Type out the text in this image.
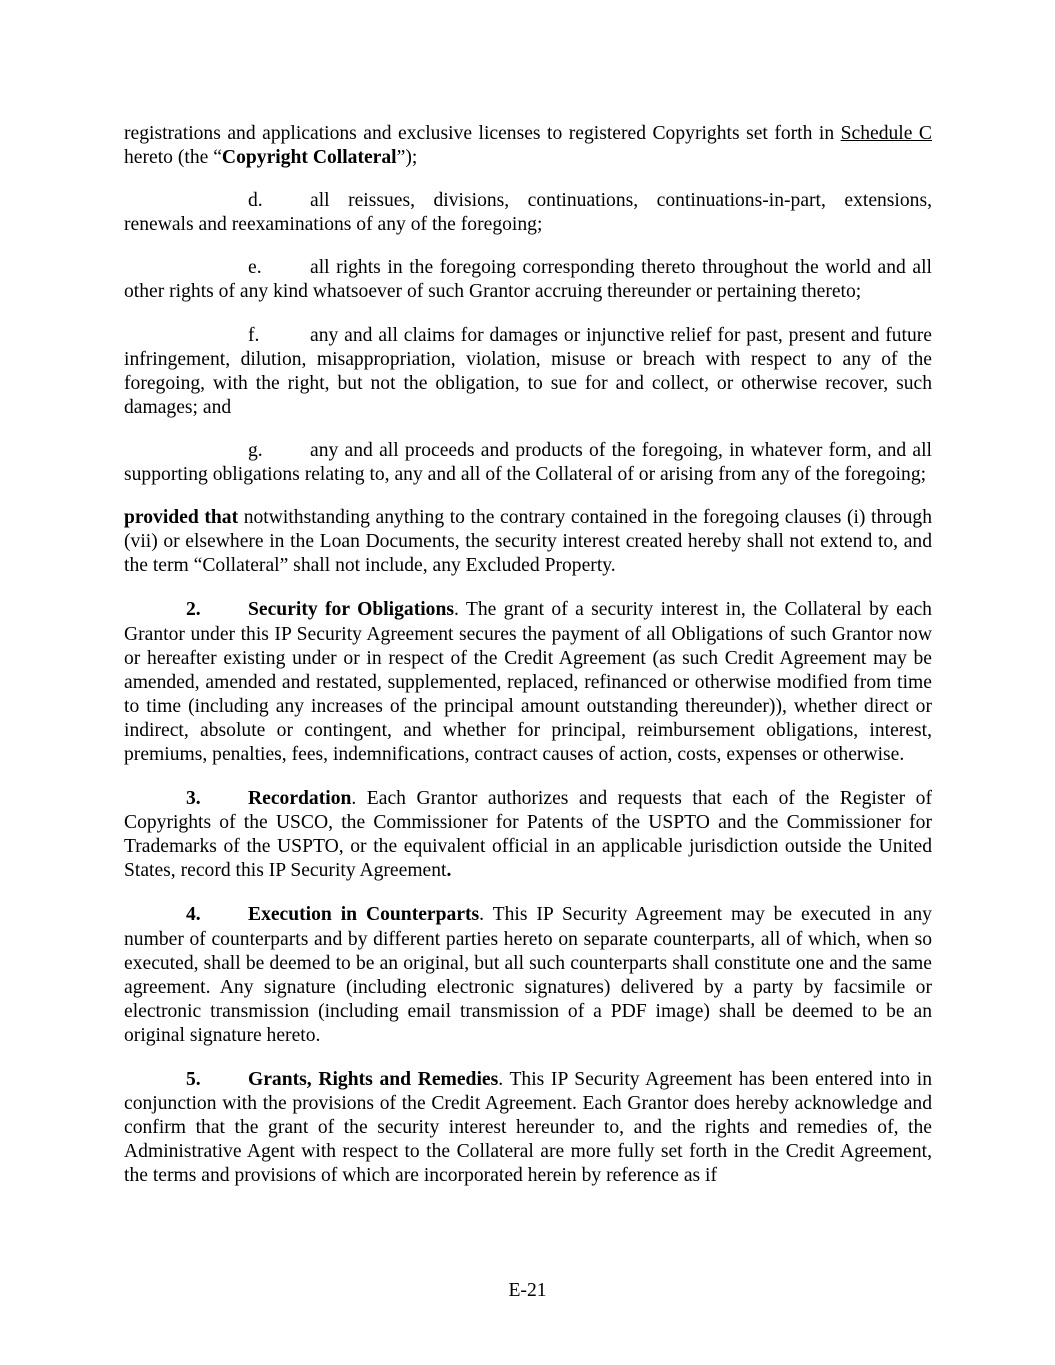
registrations and applications and exclusive licenses to registered Copyrights set forth in Schedule C hereto (the “Copyright Collateral”);

d. all reissues, divisions, continuations, continuations-in-part, extensions, renewals and reexaminations of any of the foregoing;

e. all rights in the foregoing corresponding thereto throughout the world and all other rights of any kind whatsoever of such Grantor accruing thereunder or pertaining thereto;

f.	any and all claims for damages or injunctive relief for past, present and future infringement, dilution, misappropriation, violation, misuse or breach with respect to any of the foregoing, with the right, but not the obligation, to sue for and collect, or otherwise recover, such damages; and

g. any and all proceeds and products of the foregoing, in whatever form, and all supporting obligations relating to, any and all of the Collateral of or arising from any of the foregoing;

provided that notwithstanding anything to the contrary contained in the foregoing clauses (i) through (vii) or elsewhere in the Loan Documents, the security interest created hereby shall not extend to, and the term “Collateral” shall not include, any Excluded Property.

2. Security for Obligations. The grant of a security interest in, the Collateral by each Grantor under this IP Security Agreement secures the payment of all Obligations of such Grantor now or hereafter existing under or in respect of the Credit Agreement (as such Credit Agreement may be amended, amended and restated, supplemented, replaced, refinanced or otherwise modified from time to time (including any increases of the principal amount outstanding thereunder)), whether direct or indirect, absolute or contingent, and whether for principal, reimbursement obligations, interest, premiums, penalties, fees, indemnifications, contract causes of action, costs, expenses or otherwise.

3. Recordation. Each Grantor authorizes and requests that each of the Register of Copyrights of the USCO, the Commissioner for Patents of the USPTO and the Commissioner for Trademarks of the USPTO, or the equivalent official in an applicable jurisdiction outside the United States, record this IP Security Agreement.

4. Execution in Counterparts. This IP Security Agreement may be executed in any number of counterparts and by different parties hereto on separate counterparts, all of which, when so executed, shall be deemed to be an original, but all such counterparts shall constitute one and the same agreement. Any signature (including electronic signatures) delivered by a party by facsimile or electronic transmission (including email transmission of a PDF image) shall be deemed to be an original signature hereto.

5. Grants, Rights and Remedies. This IP Security Agreement has been entered into in conjunction with the provisions of the Credit Agreement. Each Grantor does hereby acknowledge and confirm that the grant of the security interest hereunder to, and the rights and remedies of, the Administrative Agent with respect to the Collateral are more fully set forth in the Credit Agreement, the terms and provisions of which are incorporated herein by reference as if

E-21
